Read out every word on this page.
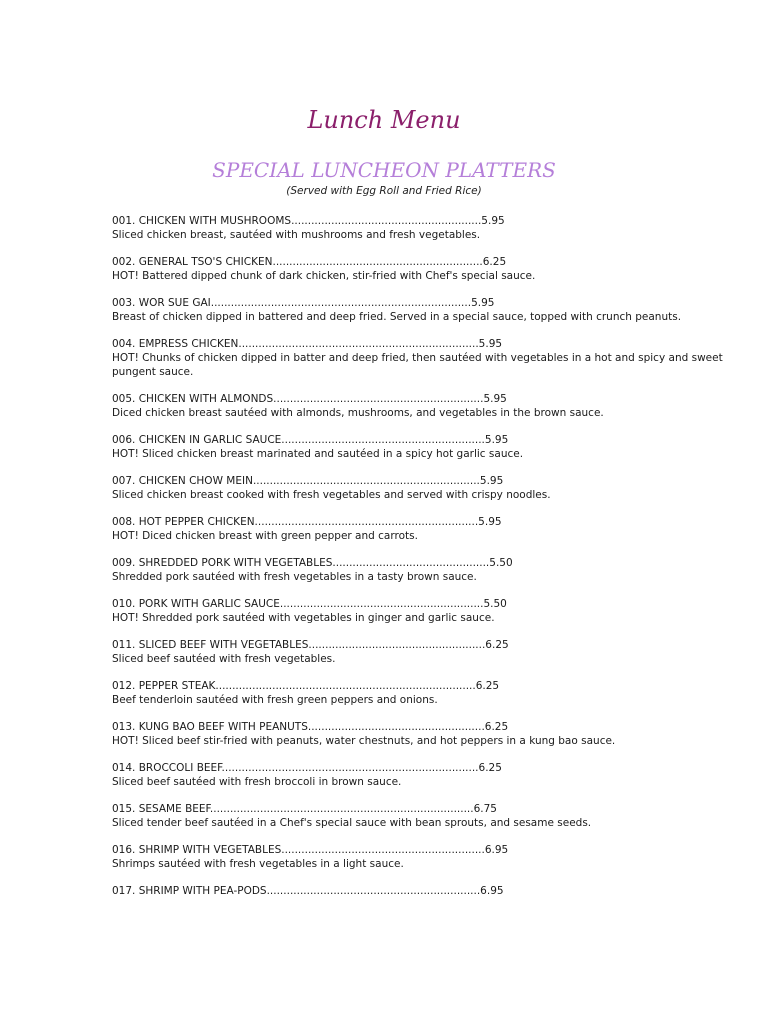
Lunch Menu
SPECIAL LUNCHEON PLATTERS
(Served with Egg Roll and Fried Rice)
001. CHICKEN WITH MUSHROOMS.........................................................5.95
Sliced chicken breast, sautéed with mushrooms and fresh vegetables.
002. GENERAL TSO'S CHICKEN...............................................................6.25
HOT! Battered dipped chunk of dark chicken, stir-fried with Chef's special sauce.
003. WOR SUE GAI..............................................................................5.95
Breast of chicken dipped in battered and deep fried. Served in a special sauce, topped with crunch peanuts.
004. EMPRESS CHICKEN........................................................................5.95
HOT! Chunks of chicken dipped in batter and deep fried, then sautéed with vegetables in a hot and spicy and sweet pungent sauce.
005. CHICKEN WITH ALMONDS...............................................................5.95
Diced chicken breast sautéed with almonds, mushrooms, and vegetables in the brown sauce.
006. CHICKEN IN GARLIC SAUCE.............................................................5.95
HOT! Sliced chicken breast marinated and sautéed in a spicy hot garlic sauce.
007. CHICKEN CHOW MEIN....................................................................5.95
Sliced chicken breast cooked with fresh vegetables and served with crispy noodles.
008. HOT PEPPER CHICKEN...................................................................5.95
HOT! Diced chicken breast with green pepper and carrots.
009. SHREDDED PORK WITH VEGETABLES...............................................5.50
Shredded pork sautéed with fresh vegetables in a tasty brown sauce.
010. PORK WITH GARLIC SAUCE.............................................................5.50
HOT! Shredded pork sautéed with vegetables in ginger and garlic sauce.
011. SLICED BEEF WITH VEGETABLES.....................................................6.25
Sliced beef sautéed with fresh vegetables.
012. PEPPER STEAK..............................................................................6.25
Beef tenderloin sautéed with fresh green peppers and onions.
013. KUNG BAO BEEF WITH PEANUTS.....................................................6.25
HOT! Sliced beef stir-fried with peanuts, water chestnuts, and hot peppers in a kung bao sauce.
014. BROCCOLI BEEF.............................................................................6.25
Sliced beef sautéed with fresh broccoli in brown sauce.
015. SESAME BEEF...............................................................................6.75
Sliced tender beef sautéed in a Chef's special sauce with bean sprouts, and sesame seeds.
016. SHRIMP WITH VEGETABLES.............................................................6.95
Shrimps sautéed with fresh vegetables in a light sauce.
017. SHRIMP WITH PEA-PODS................................................................6.95
